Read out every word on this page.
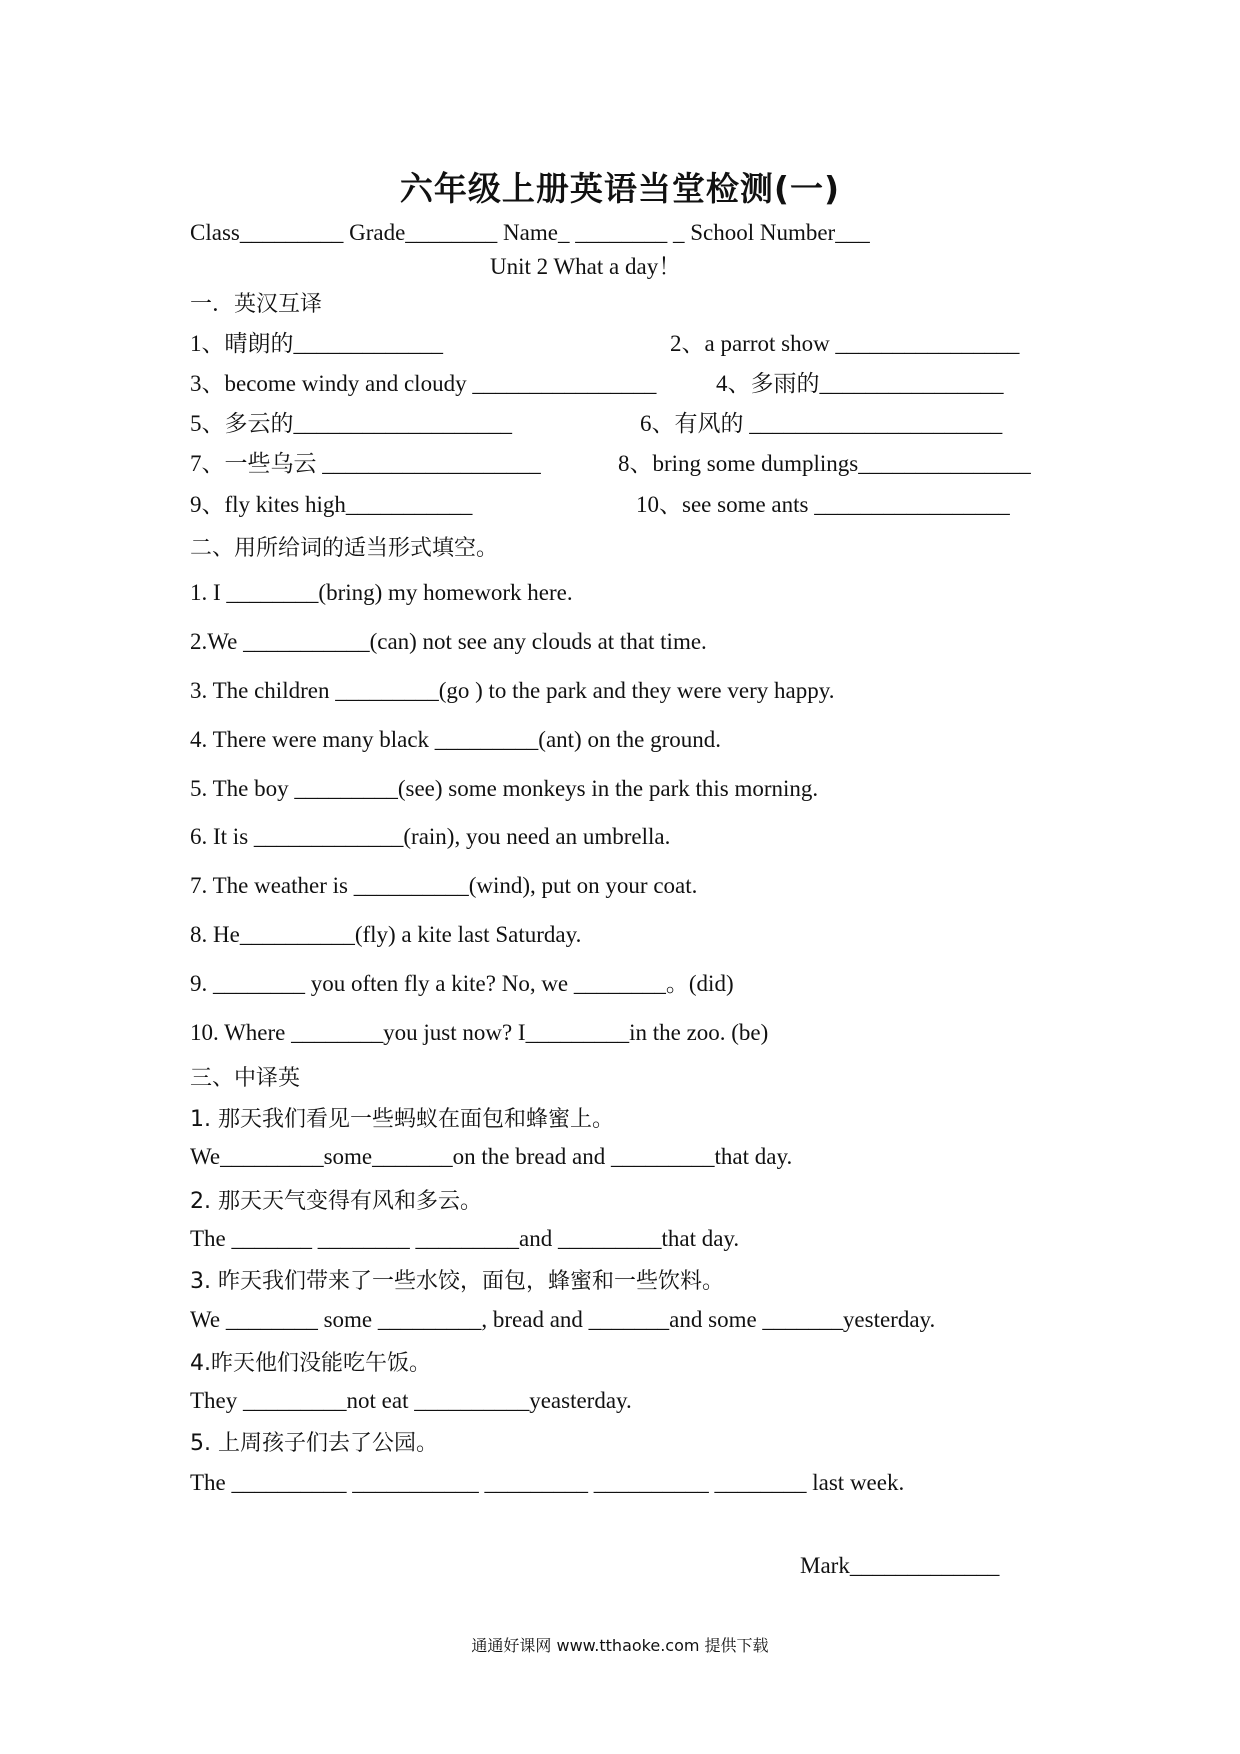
六年级上册英语当堂检测(一)
Class_________ Grade________ Name_ ________ _ School Number___
Unit 2 What a day！
一．英汉互译
1、晴朗的_____________	2、a parrot show ________________
3、become windy and cloudy ________________	4、多雨的________________
5、多云的___________________	6、有风的 ______________________
7、一些乌云 ___________________	8、bring some dumplings_______________
9、fly kites high___________	10、see some ants _________________
二、用所给词的适当形式填空。
1. I ________(bring) my homework here.
2.We ___________(can) not see any clouds at that time.
3. The children _________(go ) to the park and they were very happy.
4. There were many black _________(ant) on the ground.
5. The boy _________(see) some monkeys in the park this morning.
6. It is _____________(rain), you need an umbrella.
7. The weather is __________(wind), put on your coat.
8. He__________(fly) a kite last Saturday.
9. ________ you often fly a kite? No, we ________。(did)
10. Where ________you just now? I_________in the zoo. (be)
三、中译英
1. 那天我们看见一些蚂蚁在面包和蜂蜜上。
We_________some_______on the bread and _________that day.
2. 那天天气变得有风和多云。
The _______ ________ _________and _________that day.
3. 昨天我们带来了一些水饺，面包，蜂蜜和一些饮料。
We ________ some _________, bread and _______and some _______yesterday.
4.昨天他们没能吃午饭。
They _________not eat __________yeasterday.
5. 上周孩子们去了公园。
The __________ ___________ _________ __________ ________ last week.
Mark_____________
通通好课网 www.tthaoke.com 提供下载
